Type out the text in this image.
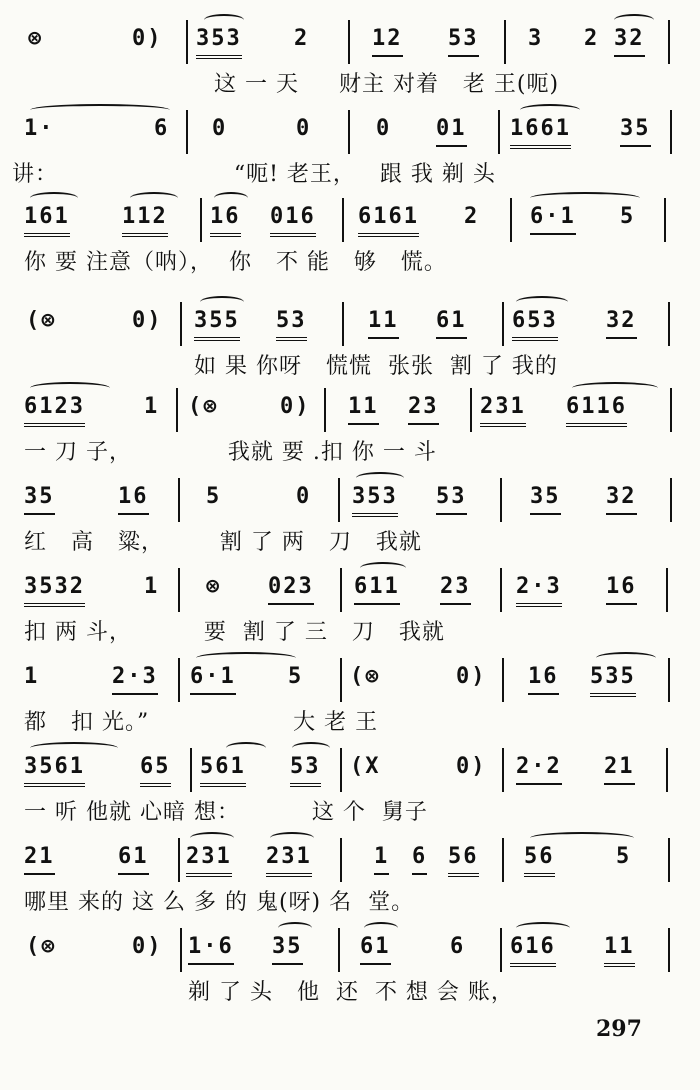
⊗	0) 353 2	12 53 3 2 32
这 一 天     财主 对着   老 王(呃)
1·	6 0	0	0 01 1661 35
讲：                      “呃! 老王，   跟 我 剃 头
161 112 16 016 6161 2 6·1 5
你 要 注意（呐），  你   不 能   够   慌。
(⊗	0) 355 53	11 61 653 32
如 果 你呀   慌慌  张张  割 了 我的
6123	1 (⊗	0) 11 23 231 6116
一 刀 子，            我就 要 .扣 你 一 斗
35	16	5	0 353 53	35 32
红   高   粱，       割 了 两   刀   我就
3532	1 ⊗ 023 611 23 2·3 16
扣 两 斗，         要  割 了 三   刀   我就
1	2·3 6·1 5 (⊗	0) 16 535
都   扣 光。”                  大 老 王
3561	65 561 53 (X	0) 2·2 21
一 听 他就 心暗 想：         这 个  舅子
21	61 231 231	1 6 56 56	5
哪里 来的 这 么 多 的 鬼(呀) 名  堂。
(⊗	0) 1·6 35	61	6 616 11
剃 了 头   他  还  不 想 会 账，
297
